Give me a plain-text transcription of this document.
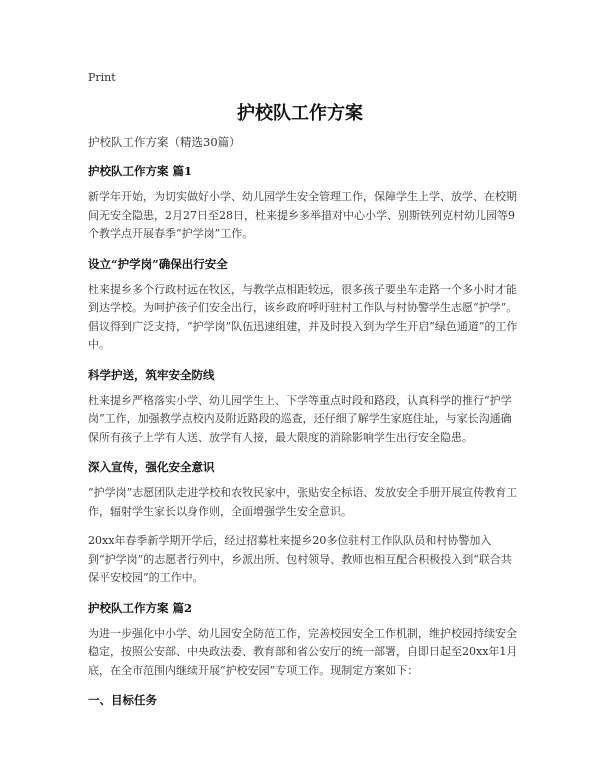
Print
护校队工作方案
护校队工作方案（精选30篇）
护校队工作方案 篇1
新学年开始，为切实做好小学、幼儿园学生安全管理工作，保障学生上学、放学、在校期间无安全隐患，2月27日至28日，杜来提乡多举措对中心小学、别斯铁列克村幼儿园等9个教学点开展春季“护学岗”工作。
设立“护学岗”确保出行安全
杜来提乡多个行政村远在牧区，与教学点相距较远，很多孩子要坐车走路一个多小时才能到达学校。为呵护孩子们安全出行，该乡政府呼吁驻村工作队与村协警学生志愿“护学”。倡议得到广泛支持，“护学岗”队伍迅速组建，并及时投入到为学生开启“绿色通道”的工作中。
科学护送，筑牢安全防线
杜来提乡严格落实小学、幼儿园学生上、下学等重点时段和路段，认真科学的推行“护学岗”工作，加强教学点校内及附近路段的巡查，还仔细了解学生家庭住址，与家长沟通确保所有孩子上学有人送、放学有人接，最大限度的消除影响学生出行安全隐患。
深入宣传，强化安全意识
“护学岗”志愿团队走进学校和农牧民家中，张贴安全标语、发放安全手册开展宣传教育工作，辐射学生家长以身作则，全面增强学生安全意识。
20xx年春季新学期开学后，经过招募杜来提乡20多位驻村工作队队员和村协警加入到“护学岗”的志愿者行列中，乡派出所、包村领导、教师也相互配合积极投入到“联合共保平安校园”的工作中。
护校队工作方案 篇2
为进一步强化中小学、幼儿园安全防范工作，完善校园安全工作机制，维护校园持续安全稳定，按照公安部、中央政法委、教育部和省公安厅的统一部署，自即日起至20xx年1月底，在全市范围内继续开展“护校安园”专项工作。现制定方案如下：
一、目标任务
